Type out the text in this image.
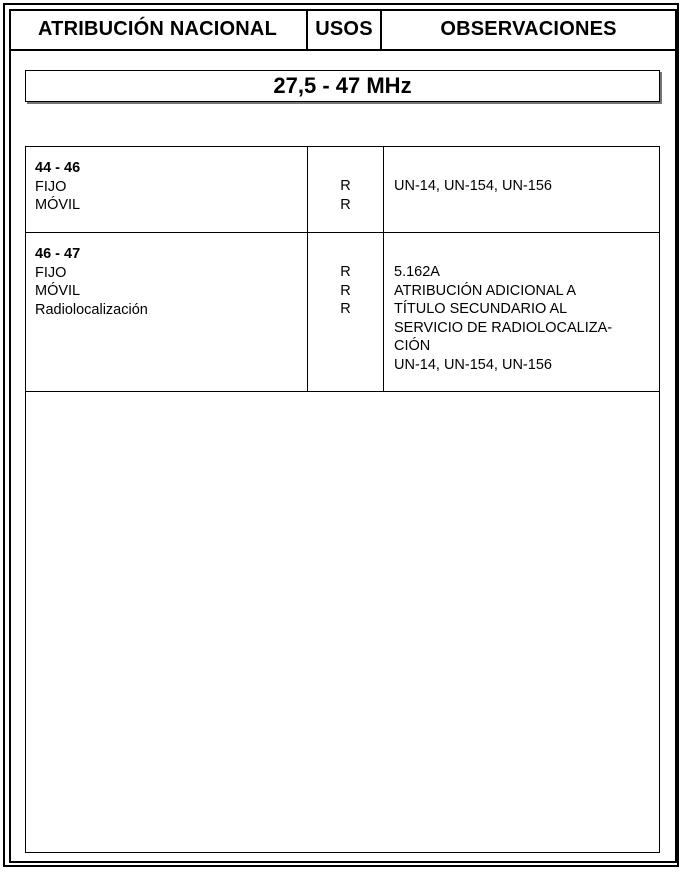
ATRIBUCIÓN NACIONAL	USOS	OBSERVACIONES
27,5 - 47 MHz
44 - 46
FIJO
MÓVIL
R
R
UN-14, UN-154, UN-156
46 - 47
FIJO
MÓVIL
Radiolocalización
R
R
R
5.162A
ATRIBUCIÓN ADICIONAL A
TÍTULO SECUNDARIO AL
SERVICIO DE RADIOLOCALIZA-
CIÓN
UN-14, UN-154, UN-156
